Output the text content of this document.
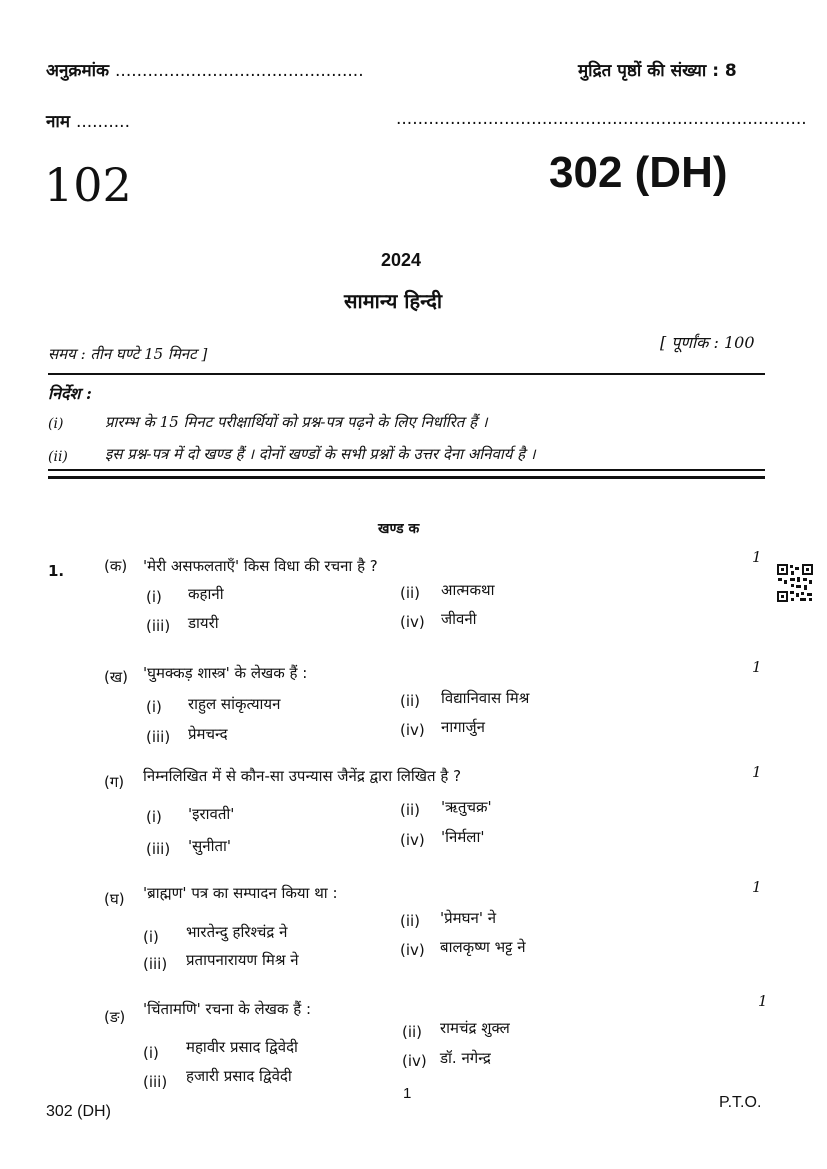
अनुक्रमांक ..............................................	मुद्रित पृष्ठों की संख्या : 8
नाम ..........	............................................................................
102	302 (DH)
2024
सामान्य हिन्दी
समय : तीन घण्टे 15 मिनट ]
[ पूर्णांक : 100
निर्देश :
(i)	प्रारम्भ के 15 मिनट परीक्षार्थियों को प्रश्न-पत्र पढ़ने के लिए निर्धारित हैं ।
(ii) इस प्रश्न-पत्र में दो खण्ड हैं । दोनों खण्डों के सभी प्रश्नों के उत्तर देना अनिवार्य है ।
खण्ड क
1.	(क) 'मेरी असफलताएँ' किस विधा की रचना है ?	1
(i) कहानी	(ii) आत्मकथा
(iii) डायरी	(iv) जीवनी
(ख) 'घुमक्कड़ शास्त्र' के लेखक हैं :	1
(i) राहुल सांकृत्यायन	(ii) विद्यानिवास मिश्र
(iii) प्रेमचन्द	(iv) नागार्जुन
(ग) निम्नलिखित में से कौन-सा उपन्यास जैनेंद्र द्वारा लिखित है ?	1
(i) 'इरावती'	(ii) 'ऋतुचक्र'
(iii) 'सुनीता'	(iv) 'निर्मला'
(घ) 'ब्राह्मण' पत्र का सम्पादन किया था :	1
(i) भारतेन्दु हरिश्चंद्र ने
(ii) 'प्रेमघन' ने
(iii) प्रतापनारायण मिश्र ने
(iv) बालकृष्ण भट्ट ने
(ङ) 'चिंतामणि' रचना के लेखक हैं :	1
(i) महावीर प्रसाद द्विवेदी
(ii) रामचंद्र शुक्ल
(iii) हजारी प्रसाद द्विवेदी
(iv) डॉ. नगेन्द्र
1
302 (DH)
P.T.O.
